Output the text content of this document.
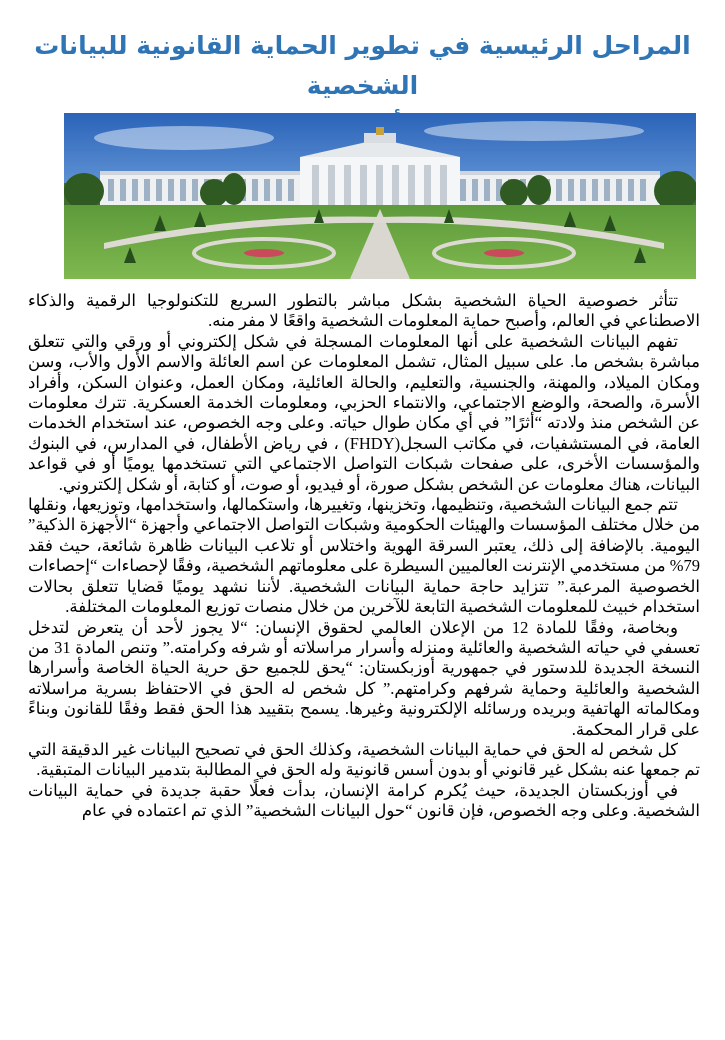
المراحل الرئيسية في تطوير الحماية القانونية للبيانات الشخصية

تتأثر خصوصية الحياة الشخصية بشكل مباشر بالتطور السريع للتكنولوجيا الرقمية والذكاء الاصطناعي في العالم، وأصبح حماية المعلومات الشخصية واقعًا لا مفر منه.

تفهم البيانات الشخصية على أنها المعلومات المسجلة في شكل إلكتروني أو ورقي والتي تتعلق مباشرة بشخص ما. على سبيل المثال، تشمل المعلومات عن اسم العائلة والاسم الأول والأب، وسن ومكان الميلاد، والمهنة، والجنسية، والتعليم، والحالة العائلية، ومكان العمل، وعنوان السكن، وأفراد الأسرة، والصحة، والوضع الاجتماعي، والانتماء الحزبي، ومعلومات الخدمة العسكرية. تترك معلومات عن الشخص منذ ولادته “أثرًا” في أي مكان طوال حياته. وعلى وجه الخصوص، عند استخدام الخدمات العامة، في المستشفيات، في مكاتب السجل(FHDY) ، في رياض الأطفال، في المدارس، في البنوك والمؤسسات الأخرى، على صفحات شبكات التواصل الاجتماعي التي تستخدمها يوميًا أو في قواعد البيانات، هناك معلومات عن الشخص بشكل صورة، أو فيديو، أو صوت، أو كتابة، أو شكل إلكتروني.

تتم جمع البيانات الشخصية، وتنظيمها، وتخزينها، وتغييرها، واستكمالها، واستخدامها، وتوزيعها، ونقلها من خلال مختلف المؤسسات والهيئات الحكومية وشبكات التواصل الاجتماعي وأجهزة “الأجهزة الذكية” اليومية. بالإضافة إلى ذلك، يعتبر السرقة الهوية واختلاس أو تلاعب البيانات ظاهرة شائعة، حيث فقد 79% من مستخدمي الإنترنت العالميين السيطرة على معلوماتهم الشخصية، وفقًا لإحصاءات “إحصاءات الخصوصية المرعبة.” تتزايد حاجة حماية البيانات الشخصية. لأننا نشهد يوميًا قضايا تتعلق بحالات استخدام خبيث للمعلومات الشخصية التابعة للآخرين من خلال منصات توزيع المعلومات المختلفة.

وبخاصة، وفقًا للمادة 12 من الإعلان العالمي لحقوق الإنسان: “لا يجوز لأحد أن يتعرض لتدخل تعسفي في حياته الشخصية والعائلية ومنزله وأسرار مراسلاته أو شرفه وكرامته.” وتنص المادة 31 من النسخة الجديدة للدستور في جمهورية أوزبكستان: “يحق للجميع حق حرية الحياة الخاصة وأسرارها الشخصية والعائلية وحماية شرفهم وكرامتهم.” كل شخص له الحق في الاحتفاظ بسرية مراسلاته ومكالماته الهاتفية وبريده ورسائله الإلكترونية وغيرها. يسمح بتقييد هذا الحق فقط وفقًا للقانون وبناءً على قرار المحكمة.

كل شخص له الحق في حماية البيانات الشخصية، وكذلك الحق في تصحيح البيانات غير الدقيقة التي تم جمعها عنه بشكل غير قانوني أو بدون أسس قانونية وله الحق في المطالبة بتدمير البيانات المتبقية.

في أوزبكستان الجديدة، حيث يُكرم كرامة الإنسان، بدأت فعلًا حقبة جديدة في حماية البيانات الشخصية. وعلى وجه الخصوص، فإن قانون “حول البيانات الشخصية” الذي تم اعتماده في عام
